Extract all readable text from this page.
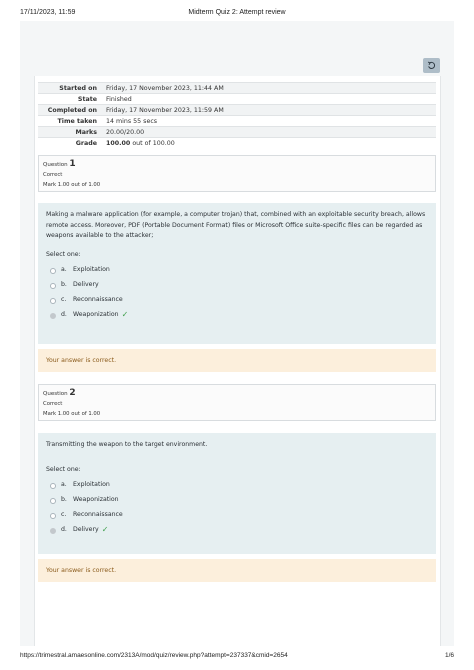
17/11/2023, 11:59	Midterm Quiz 2: Attempt review
Started on	Friday, 17 November 2023, 11:44 AM
State	Finished
Completed on	Friday, 17 November 2023, 11:59 AM
Time taken	14 mins 55 secs
Marks	20.00/20.00
Grade	100.00 out of 100.00
Question 1
Correct
Mark 1.00 out of 1.00
Making a malware application (for example, a computer trojan) that, combined with an exploitable security breach, allows remote access. Moreover, PDF (Portable Document Format) files or Microsoft Office suite-specific files can be regarded as weapons available to the attacker;
Select one:
a.	Exploitation
b. Delivery
c.	Reconnaissance
d. Weaponization ✓
Your answer is correct.
Question 2
Correct
Mark 1.00 out of 1.00
Transmitting the weapon to the target environment.
Select one:
a.	Exploitation
b. Weaponization
c.	Reconnaissance
d. Delivery ✓
Your answer is correct.
https://trimestral.amaesonline.com/2313A/mod/quiz/review.php?attempt=237337&cmid=2654	1/6
